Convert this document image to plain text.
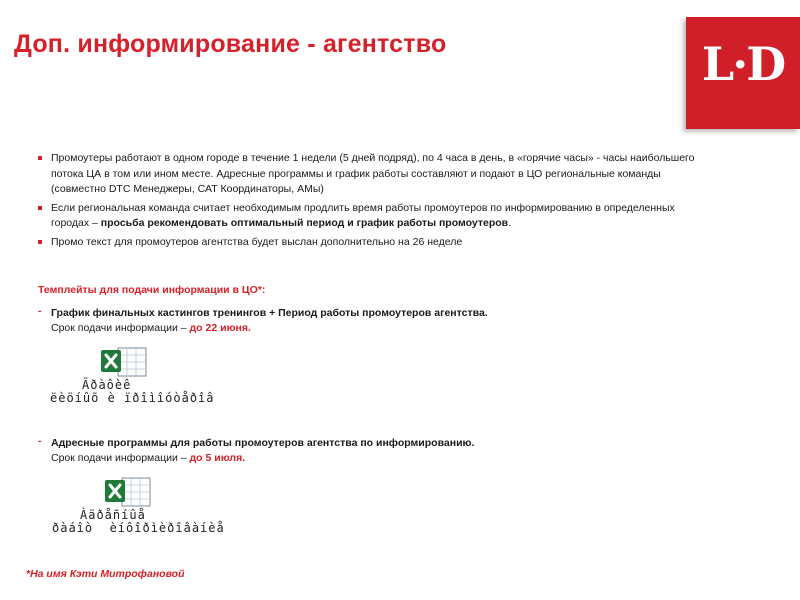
Доп. информирование - агентство	L·D
Промоутеры работают в одном городе в течение 1 недели (5 дней подряд), по 4 часа в день, в «горячие часы» - часы наибольшего потока ЦА в том или ином месте. Адресные программы и график работы составляют и подают в ЦО региональные команды (совместно DTC Менеджеры, САТ Координаторы, АМы)
Если региональная команда считает необходимым продлить время работы промоутеров по информированию в определенных городах – просьба рекомендовать оптимальный период и график работы промоутеров.
Промо текст для промоутеров агентства будет выслан дополнительно на 26 неделе
Темплейты для подачи информации в ЦО*:
- График финальных кастингов тренингов + Период работы промоутеров агентства.
Срок подачи информации – до 22 июня.
Ãðàôèê
ëèöíûõ è ïðîìîóòåðîâ
- Адресные программы для работы промоутеров агентства по информированию.
Срок подачи информации – до 5 июля.
Àäðåñíûå
ðàáîò  èíôîðìèðîâàíèå
*На имя Кэти Митрофановой
